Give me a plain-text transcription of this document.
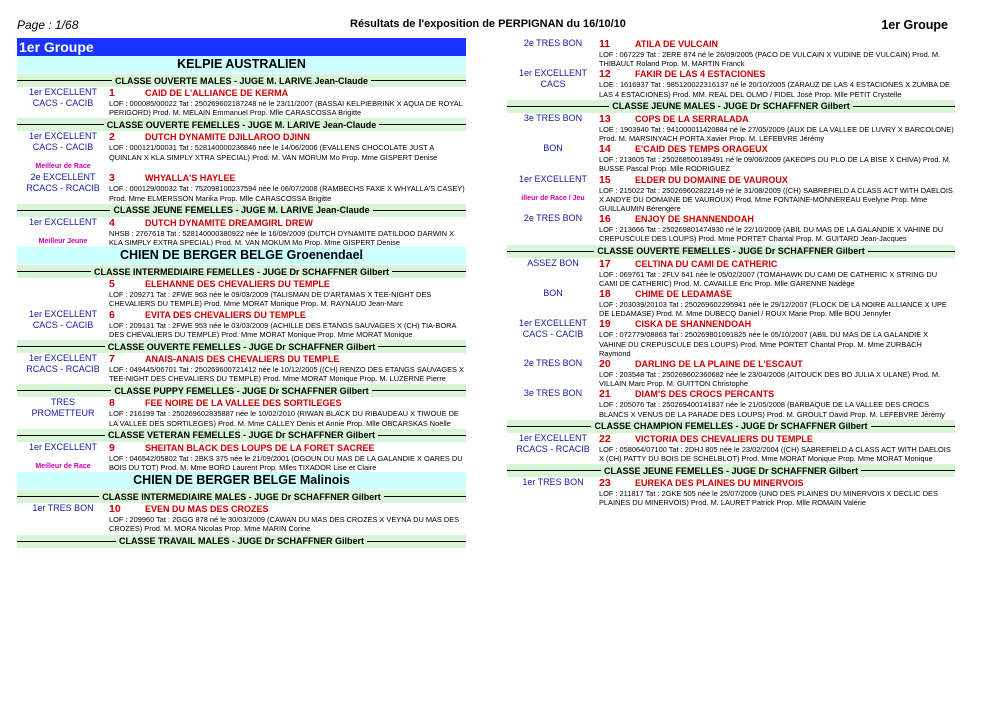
Page : 1/68	Résultats de l'exposition de PERPIGNAN du 16/10/10	1er Groupe
1er Groupe
KELPIE AUSTRALIEN
CLASSE OUVERTE MALES - JUGE M. LARIVE Jean-Claude
1er EXCELLENT
CACS - CACIB
1	CAID DE L'ALLIANCE DE KERMA
LOF : 000085/00022 Tat : 250269602187248 né le 23/11/2007 (BASSAI KELPIEBRINK X AQUA DE ROYAL PERIGORD) Prod. M. MELAIN Emmanuel Prop. Mlle CARASCOSSA Brigitte
CLASSE OUVERTE FEMELLES - JUGE M. LARIVE Jean-Claude
1er EXCELLENT
CACS - CACIB
Meilleur de Race
2	DUTCH DYNAMITE DJILLAROO DJINN
LOF : 000121/00031 Tat : 528140000236846 née le 14/06/2006 (EVALLENS CHOCOLATE JUST A QUINLAN X KLA SIMPLY XTRA SPECIAL) Prod. M. VAN MORUM Mo Prop. Mme GISPERT Denise
2e EXCELLENT
RCACS - RCACIB
3	WHYALLA'S HAYLEE
LOF : 000129/00032 Tat : 752098100237594 née le 06/07/2008 (RAMBECHS FAXE X WHYALLA'S CASEY) Prod. Mme ELMERSSON Marika Prop. Mlle CARASCOSSA Brigitte
CLASSE JEUNE FEMELLES - JUGE M. LARIVE Jean-Claude
1er EXCELLENT
Meilleur Jeune
4	DUTCH DYNAMITE DREAMGIRL DREW
NHSB : 2767618 Tat : 528140000380922 née le 16/09/2009 (DUTCH DYNAMITE DATILDOO DARWIN X KLA SIMPLY EXTRA SPECIAL) Prod. M. VAN MOKUM Mo Prop. Mme GISPERT Denise
CHIEN DE BERGER BELGE Groenendael
CLASSE INTERMEDIAIRE FEMELLES - JUGE Dr SCHAFFNER Gilbert
5	ELEHANNE DES CHEVALIERS DU TEMPLE
LOF : 209271 Tat : 2FWE 963 née le 09/03/2009 (TALISMAN DE D'ARTAMAS X TEE-NIGHT DES CHEVALIERS DU TEMPLE) Prod. Mme MORAT Monique Prop. M. RAYNAUD Jean-Marc
1er EXCELLENT
CACS - CACIB
6	EVITA DES CHEVALIERS DU TEMPLE
LOF : 209131 Tat : 2FWE 953 née le 03/03/2009 (ACHILLE DES ETANGS SAUVAGES X (CH) TIA-BORA DES CHEVALIERS DU TEMPLE) Prod. Mme MORAT Monique Prop. Mme MORAT Monique
CLASSE OUVERTE FEMELLES - JUGE Dr SCHAFFNER Gilbert
1er EXCELLENT
RCACS - RCACIB
7	ANAIS-ANAIS DES CHEVALIERS DU TEMPLE
LOF : 049445/06701 Tat : 250269600721412 née le 10/12/2005 ((CH) RENZO DES ETANGS SAUVAGES X TEE-NIGHT DES CHEVALIERS DU TEMPLE) Prod. Mme MORAT Monique Prop. M. LUZERNE Pierre
CLASSE PUPPY FEMELLES - JUGE Dr SCHAFFNER Gilbert
TRES
PROMETTEUR
8	FEE NOIRE DE LA VALLEE DES SORTILEGES
LOF : 216199 Tat : 250269602835887 née le 10/02/2010 (RIWAN BLACK DU RIBAUDEAU X TIWOUE DE LA VALLEE DES SORTILEGES) Prod. M. Mme CALLEY Denis et Annie Prop. Mlle OBCARSKAS Noëlle
CLASSE VETERAN FEMELLES - JUGE Dr SCHAFFNER Gilbert
1er EXCELLENT
Meilleur de Race
9	SHEITAN BLACK DES LOUPS DE LA FORET SACREE
LOF : 046542/05802 Tat : 2BKS 375 née le 21/09/2001 (OGOUN DU MAS DE LA GALANDIE X OARES DU BOIS DU TOT) Prod. M. Mme BORD Laurent Prop. Mlles TIXADOR Lise et Claire
CHIEN DE BERGER BELGE Malinois
CLASSE INTERMEDIAIRE MALES - JUGE Dr SCHAFFNER Gilbert
1er TRES BON	10	EVEN DU MAS DES CROZES
LOF : 209960 Tat : 2GGG 878 né le 30/03/2009 (CAWAN DU MAS DES CROZES X VEYNA DU MAS DES CROZES) Prod. M. MORA Nicolas Prop. Mme MARIN Corine
CLASSE TRAVAIL MALES - JUGE Dr SCHAFFNER Gilbert
2e TRES BON	11	ATILA DE VULCAIN
LOF : 067229 Tat : 2ERE 874 né le 26/09/2005 (PACO DE VULCAIN X VUDINE DE VULCAIN) Prod. M. THIBAULT Roland Prop. M. MARTIN Franck
1er EXCELLENT
CACS
12	FAKIR DE LAS 4 ESTACIONES
LOE : 1616937 Tat : 985120022316137 né le 20/10/2005 (ZARAUZ DE LAS 4 ESTACIONES X ZUMBA DE LAS 4 ESTACIONES) Prod. MM. REAL DEL OLMO / FIDEL José Prop. Mlle PETIT Crystelle
CLASSE JEUNE MALES - JUGE Dr SCHAFFNER Gilbert
3e TRES BON	13	COPS DE LA SERRALADA
LOE : 1903940 Tat : 941000011420884 né le 27/05/2009 (AUX DE LA VALLEE DE LUVRY X BARCOLONE) Prod. M. MARSINYACH PORTA Xavier Prop. M. LEFEBVRE Jérémy
BON	14	E'CAID DES TEMPS ORAGEUX
LOF : 213605 Tat : 250268500189491 né le 09/06/2009 (AKEOPS DU PLO DE LA BISE X CHIVA) Prod. M. BUSSE Pascal Prop. Mlle RODRIGUEZ
1er EXCELLENT
illeur de Race / Jeu
15	ELDER DU DOMAINE DE VAUROUX
LOF : 215022 Tat : 250269602822149 né le 31/08/2009 ((CH) SABREFIELD A CLASS ACT WITH DAELOIS X ANDYE DU DOMAINE DE VAUROUX) Prod. Mme FONTAINE-MONNEREAU Evelyne Prop. Mme GUILLAUMIN Bérengère
2e TRES BON	16	ENJOY DE SHANNENDOAH
LOF : 213666 Tat : 250269801474930 né le 22/10/2009 (ABIL DU MAS DE LA GALANDIE X VAHINE DU CREPUSCULE DES LOUPS) Prod. Mme PORTET Chantal Prop. M. GUITARD Jean-Jacques
CLASSE OUVERTE FEMELLES - JUGE Dr SCHAFFNER Gilbert
ASSEZ BON	17	CELTINA DU CAMI DE CATHERIC
LOF : 069761 Tat : 2FLV 641 née le 05/02/2007 (TOMAHAWK DU CAMI DE CATHERIC X STRING DU CAMI DE CATHERIC) Prod. M. CAVAILLE Eric Prop. Mlle GARENNE Nadège
BON	18	CHIME DE LEDAMASE
LOF : 203039/20103 Tat : 250269602295941 née le 29/12/2007 (FLOCK DE LA NOIRE ALLIANCE X UPE DE LEDAMASE) Prod. M. Mme DUBECQ Daniel / ROUX Marie Prop. Mlle BOU Jennyfer
1er EXCELLENT
CACS - CACIB
19	CISKA DE SHANNENDOAH
LOF : 072779/08863 Tat : 250269801091825 née le 05/10/2007 (ABIL DU MAS DE LA GALANDIE X VAHINE DU CREPUSCULE DES LOUPS) Prod. Mme PORTET Chantal Prop. M. Mme ZURBACH Raymond
2e TRES BON	20	DARLING DE LA PLAINE DE L'ESCAUT
LOF : 203548 Tat : 250269602360682 née le 23/04/2008 (AITOUCK DES BO JULIA X ULANE) Prod. M. VILLAIN Marc Prop. M. GUITTON Christophe
3e TRES BON	21	DIAM'S DES CROCS PERCANTS
LOF : 205076 Tat : 250269400141837 née le 21/05/2008 (BARBAQUE DE LA VALLEE DES CROCS BLANCS X VENUS DE LA PARADE DES LOUPS) Prod. M. GROULT David Prop. M. LEFEBVRE Jérémy
CLASSE CHAMPION FEMELLES - JUGE Dr SCHAFFNER Gilbert
1er EXCELLENT
RCACS - RCACIB
22	VICTORIA DES CHEVALIERS DU TEMPLE
LOF : 058064/07100 Tat : 2DHJ 805 née le 23/02/2004 ((CH) SABREFIELD A CLASS ACT WITH DAELOIS X (CH) PATTY DU BOIS DE SCHELBLOT) Prod. Mme MORAT Monique Prop. Mme MORAT Monique
CLASSE JEUNE FEMELLES - JUGE Dr SCHAFFNER Gilbert
1er TRES BON	23	EUREKA DES PLAINES DU MINERVOIS
LOF : 211817 Tat : 2GKE 505 née le 25/07/2009 (UNO DES PLAINES DU MINERVOIS X DECLIC DES PLAINES DU MINERVOIS) Prod. M. LAURET Patrick Prop. Mlle ROMAIN Valérie
